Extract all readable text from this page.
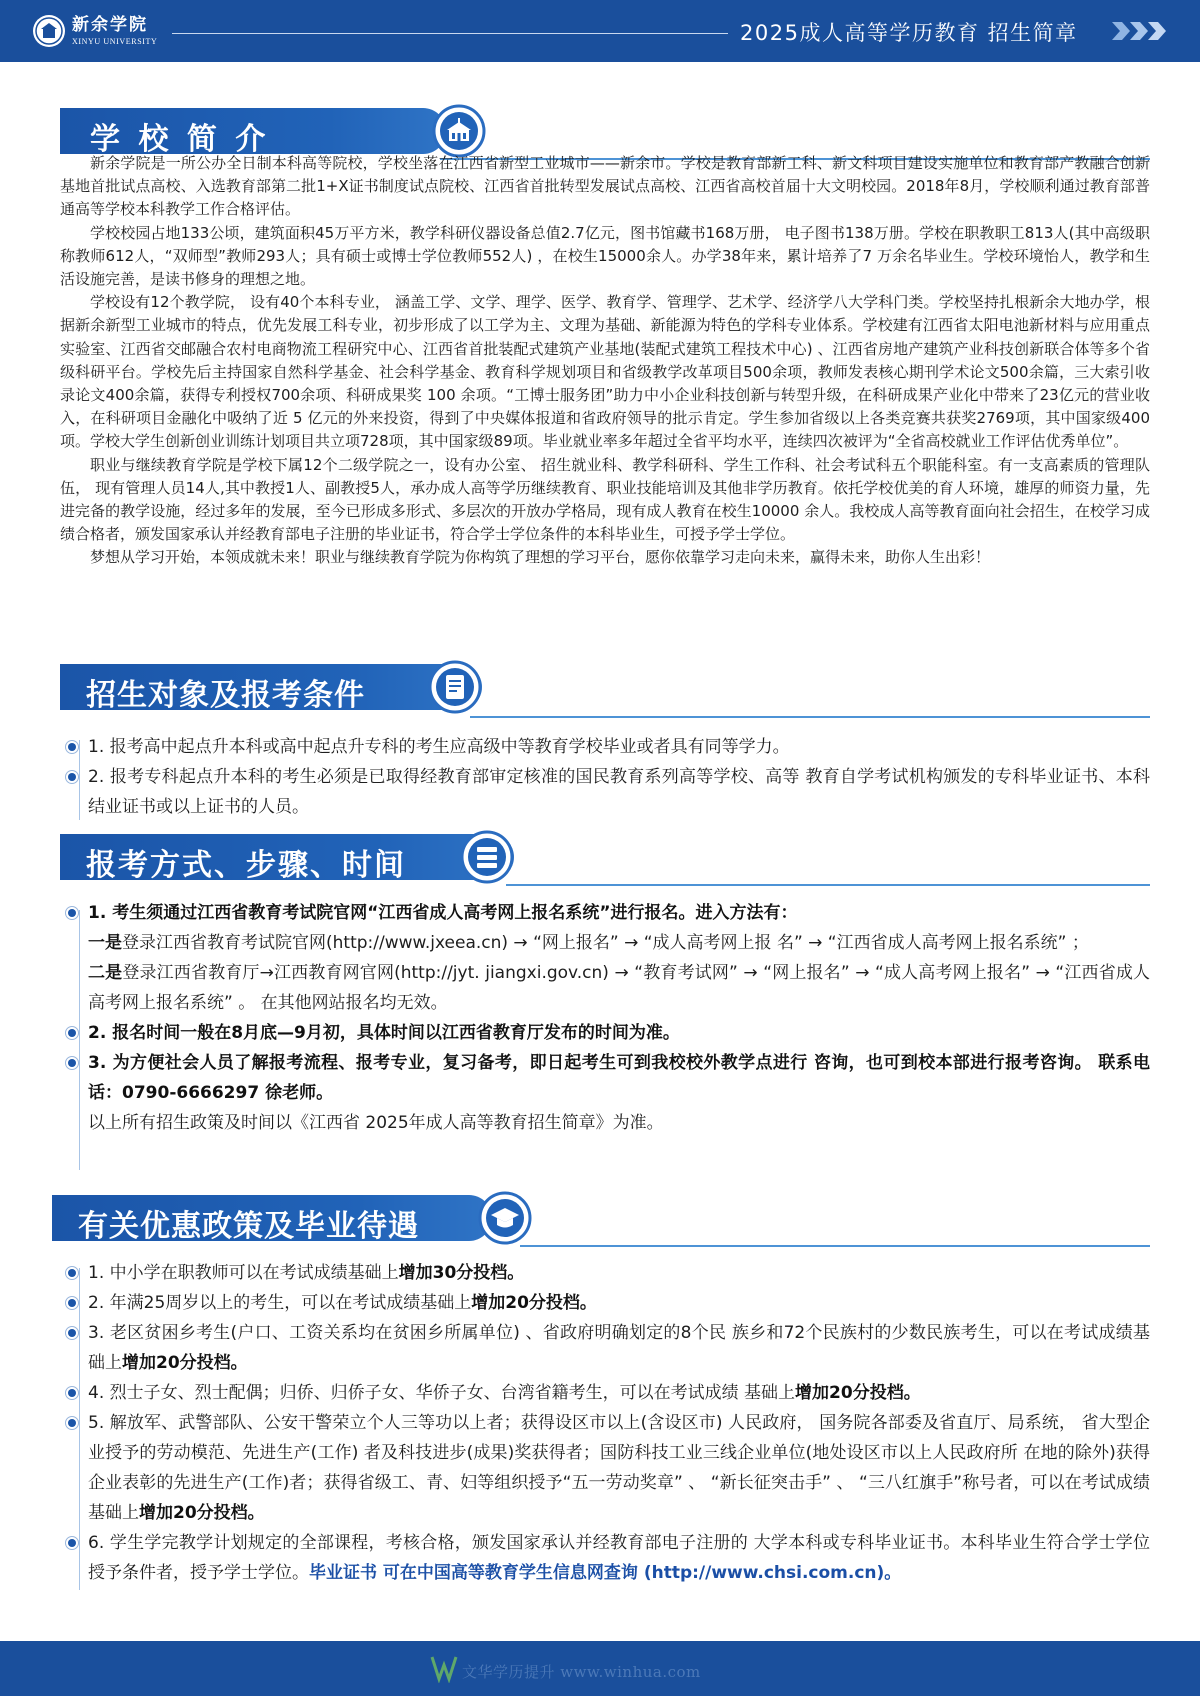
新余学院
XINYU UNIVERSITY	2025成人高等学历教育 招生简章
学 校 简 介

新余学院是一所公办全日制本科高等院校，学校坐落在江西省新型工业城市——新余市。学校是教育部新工科、新文科项目建设实施单位和教育部产教融合创新基地首批试点高校、入选教育部第二批1+X证书制度试点院校、江西省首批转型发展试点高校、江西省高校首届十大文明校园。2018年8月，学校顺利通过教育部普通高等学校本科教学工作合格评估。

学校校园占地133公顷，建筑面积45万平方米，教学科研仪器设备总值2.7亿元，图书馆藏书168万册， 电子图书138万册。学校在职教职工813人(其中高级职称教师612人，“双师型”教师293人；具有硕士或博士学位教师552人) ，在校生15000余人。办学38年来，累计培养了7 万余名毕业生。学校环境怡人，教学和生活设施完善，是读书修身的理想之地。

学校设有12个教学院， 设有40个本科专业， 涵盖工学、文学、理学、医学、教育学、管理学、艺术学、经济学八大学科门类。学校坚持扎根新余大地办学，根据新余新型工业城市的特点，优先发展工科专业，初步形成了以工学为主、文理为基础、新能源为特色的学科专业体系。学校建有江西省太阳电池新材料与应用重点实验室、江西省交邮融合农村电商物流工程研究中心、江西省首批装配式建筑产业基地(装配式建筑工程技术中心) 、江西省房地产建筑产业科技创新联合体等多个省级科研平台。学校先后主持国家自然科学基金、社会科学基金、教育科学规划项目和省级教学改革项目500余项，教师发表核心期刊学术论文500余篇，三大索引收录论文400余篇，获得专利授权700余项、科研成果奖 100 余项。“工博士服务团”助力中小企业科技创新与转型升级，在科研成果产业化中带来了23亿元的营业收入，在科研项目金融化中吸纳了近 5 亿元的外来投资，得到了中央媒体报道和省政府领导的批示肯定。学生参加省级以上各类竞赛共获奖2769项，其中国家级400项。学校大学生创新创业训练计划项目共立项728项，其中国家级89项。毕业就业率多年超过全省平均水平，连续四次被评为“全省高校就业工作评估优秀单位”。

职业与继续教育学院是学校下属12个二级学院之一，设有办公室、 招生就业科、教学科研科、学生工作科、社会考试科五个职能科室。有一支高素质的管理队伍， 现有管理人员14人,其中教授1人、副教授5人，承办成人高等学历继续教育、职业技能培训及其他非学历教育。依托学校优美的育人环境，雄厚的师资力量，先进完备的教学设施，经过多年的发展，至今已形成多形式、多层次的开放办学格局，现有成人教育在校生10000 余人。我校成人高等教育面向社会招生，在校学习成绩合格者，颁发国家承认并经教育部电子注册的毕业证书，符合学士学位条件的本科毕业生，可授予学士学位。

梦想从学习开始，本领成就未来！职业与继续教育学院为你构筑了理想的学习平台，愿你依靠学习走向未来，赢得未来，助你人生出彩！

招生对象及报考条件
1. 报考高中起点升本科或高中起点升专科的考生应高级中等教育学校毕业或者具有同等学力。
2. 报考专科起点升本科的考生必须是已取得经教育部审定核准的国民教育系列高等学校、高等 教育自学考试机构颁发的专科毕业证书、本科结业证书或以上证书的人员。
报考方式、步骤、时间
1. 考生须通过江西省教育考试院官网“江西省成人高考网上报名系统”进行报名。进入方法有：
一是登录江西省教育考试院官网(http://www.jxeea.cn) → “网上报名” → “成人高考网上报 名” → “江西省成人高考网上报名系统” ；
二是登录江西省教育厅→江西教育网官网(http://jyt. jiangxi.gov.cn) → “教育考试网” → “网上报名” → “成人高考网上报名” → “江西省成人高考网上报名系统” 。 在其他网站报名均无效。
2. 报名时间一般在8月底—9月初，具体时间以江西省教育厅发布的时间为准。
3. 为方便社会人员了解报考流程、报考专业，复习备考，即日起考生可到我校校外教学点进行 咨询，也可到校本部进行报考咨询。 联系电话：0790-6666297 徐老师。
以上所有招生政策及时间以《江西省 2025年成人高等教育招生简章》为准。
有关优惠政策及毕业待遇
1. 中小学在职教师可以在考试成绩基础上增加30分投档。
2. 年满25周岁以上的考生，可以在考试成绩基础上增加20分投档。
3. 老区贫困乡考生(户口、工资关系均在贫困乡所属单位) 、省政府明确划定的8个民 族乡和72个民族村的少数民族考生，可以在考试成绩基础上增加20分投档。
4. 烈士子女、烈士配偶；归侨、归侨子女、华侨子女、台湾省籍考生，可以在考试成绩 基础上增加20分投档。
5. 解放军、武警部队、公安干警荣立个人三等功以上者；获得设区市以上(含设区市) 人民政府， 国务院各部委及省直厅、局系统， 省大型企业授予的劳动模范、先进生产(工作) 者及科技进步(成果)奖获得者；国防科技工业三线企业单位(地处设区市以上人民政府所 在地的除外)获得企业表彰的先进生产(工作)者；获得省级工、青、妇等组织授予“五一劳动奖章” 、 “新长征突击手” 、 “三八红旗手”称号者，可以在考试成绩基础上增加20分投档。
6. 学生学完教学计划规定的全部课程，考核合格，颁发国家承认并经教育部电子注册的 大学本科或专科毕业证书。本科毕业生符合学士学位授予条件者，授予学士学位。毕业证书 可在中国高等教育学生信息网查询 (http://www.chsi.com.cn)。
文华学历提升 www.winhua.com
